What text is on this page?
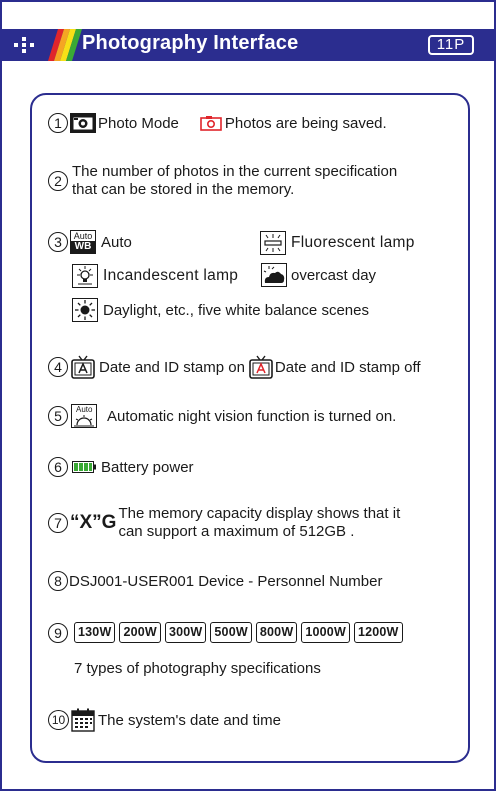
Photography Interface	11P
1	Photo Mode	Photos are being saved.
2
The number of photos in the current specification
that can be stored in the memory.
3	Auto
WB Auto	Fluorescent lamp
Incandescent lamp	overcast day
Daylight, etc., five white balance scenes
4	Date and ID stamp on Date and ID stamp off
5	Auto Automatic night vision function is turned on.
6	Battery power
7 “X”G The memory capacity display shows that it
can support a maximum of 512GB .
8 DSJ001-USER001 Device - Personnel Number
9	130W 200W 300W 500W 800W 1000W 1200W
7 types of photography specifications
10 The system's date and time
